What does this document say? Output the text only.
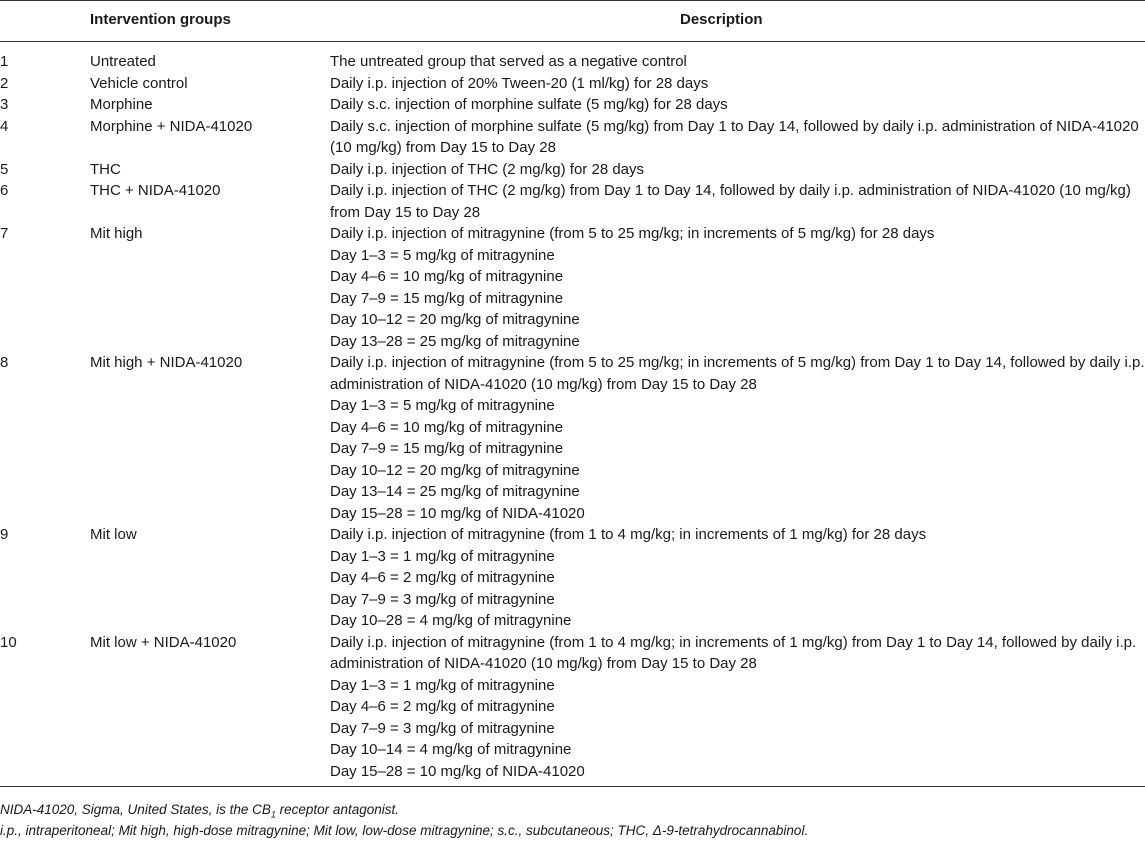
Intervention groups	Description
1	Untreated	The untreated group that served as a negative control
2	Vehicle control	Daily i.p. injection of 20% Tween-20 (1 ml/kg) for 28 days
3	Morphine	Daily s.c. injection of morphine sulfate (5 mg/kg) for 28 days
4	Morphine + NIDA-41020	Daily s.c. injection of morphine sulfate (5 mg/kg) from Day 1 to Day 14, followed by daily i.p. administration of NIDA-41020
(10 mg/kg) from Day 15 to Day 28
5	THC	Daily i.p. injection of THC (2 mg/kg) for 28 days
6	THC + NIDA-41020	Daily i.p. injection of THC (2 mg/kg) from Day 1 to Day 14, followed by daily i.p. administration of NIDA-41020 (10 mg/kg)
from Day 15 to Day 28
7	Mit high	Daily i.p. injection of mitragynine (from 5 to 25 mg/kg; in increments of 5 mg/kg) for 28 days
Day 1–3 = 5 mg/kg of mitragynine
Day 4–6 = 10 mg/kg of mitragynine
Day 7–9 = 15 mg/kg of mitragynine
Day 10–12 = 20 mg/kg of mitragynine
Day 13–28 = 25 mg/kg of mitragynine
8	Mit high + NIDA-41020	Daily i.p. injection of mitragynine (from 5 to 25 mg/kg; in increments of 5 mg/kg) from Day 1 to Day 14, followed by daily i.p.
administration of NIDA-41020 (10 mg/kg) from Day 15 to Day 28
Day 1–3 = 5 mg/kg of mitragynine
Day 4–6 = 10 mg/kg of mitragynine
Day 7–9 = 15 mg/kg of mitragynine
Day 10–12 = 20 mg/kg of mitragynine
Day 13–14 = 25 mg/kg of mitragynine
Day 15–28 = 10 mg/kg of NIDA-41020
9	Mit low	Daily i.p. injection of mitragynine (from 1 to 4 mg/kg; in increments of 1 mg/kg) for 28 days
Day 1–3 = 1 mg/kg of mitragynine
Day 4–6 = 2 mg/kg of mitragynine
Day 7–9 = 3 mg/kg of mitragynine
Day 10–28 = 4 mg/kg of mitragynine
10	Mit low + NIDA-41020	Daily i.p. injection of mitragynine (from 1 to 4 mg/kg; in increments of 1 mg/kg) from Day 1 to Day 14, followed by daily i.p.
administration of NIDA-41020 (10 mg/kg) from Day 15 to Day 28
Day 1–3 = 1 mg/kg of mitragynine
Day 4–6 = 2 mg/kg of mitragynine
Day 7–9 = 3 mg/kg of mitragynine
Day 10–14 = 4 mg/kg of mitragynine
Day 15–28 = 10 mg/kg of NIDA-41020
NIDA-41020, Sigma, United States, is the $CB_1$ receptor antagonist.
i.p., intraperitoneal; Mit high, high-dose mitragynine; Mit low, low-dose mitragynine; s.c., subcutaneous; THC, Δ-9-tetrahydrocannabinol.
